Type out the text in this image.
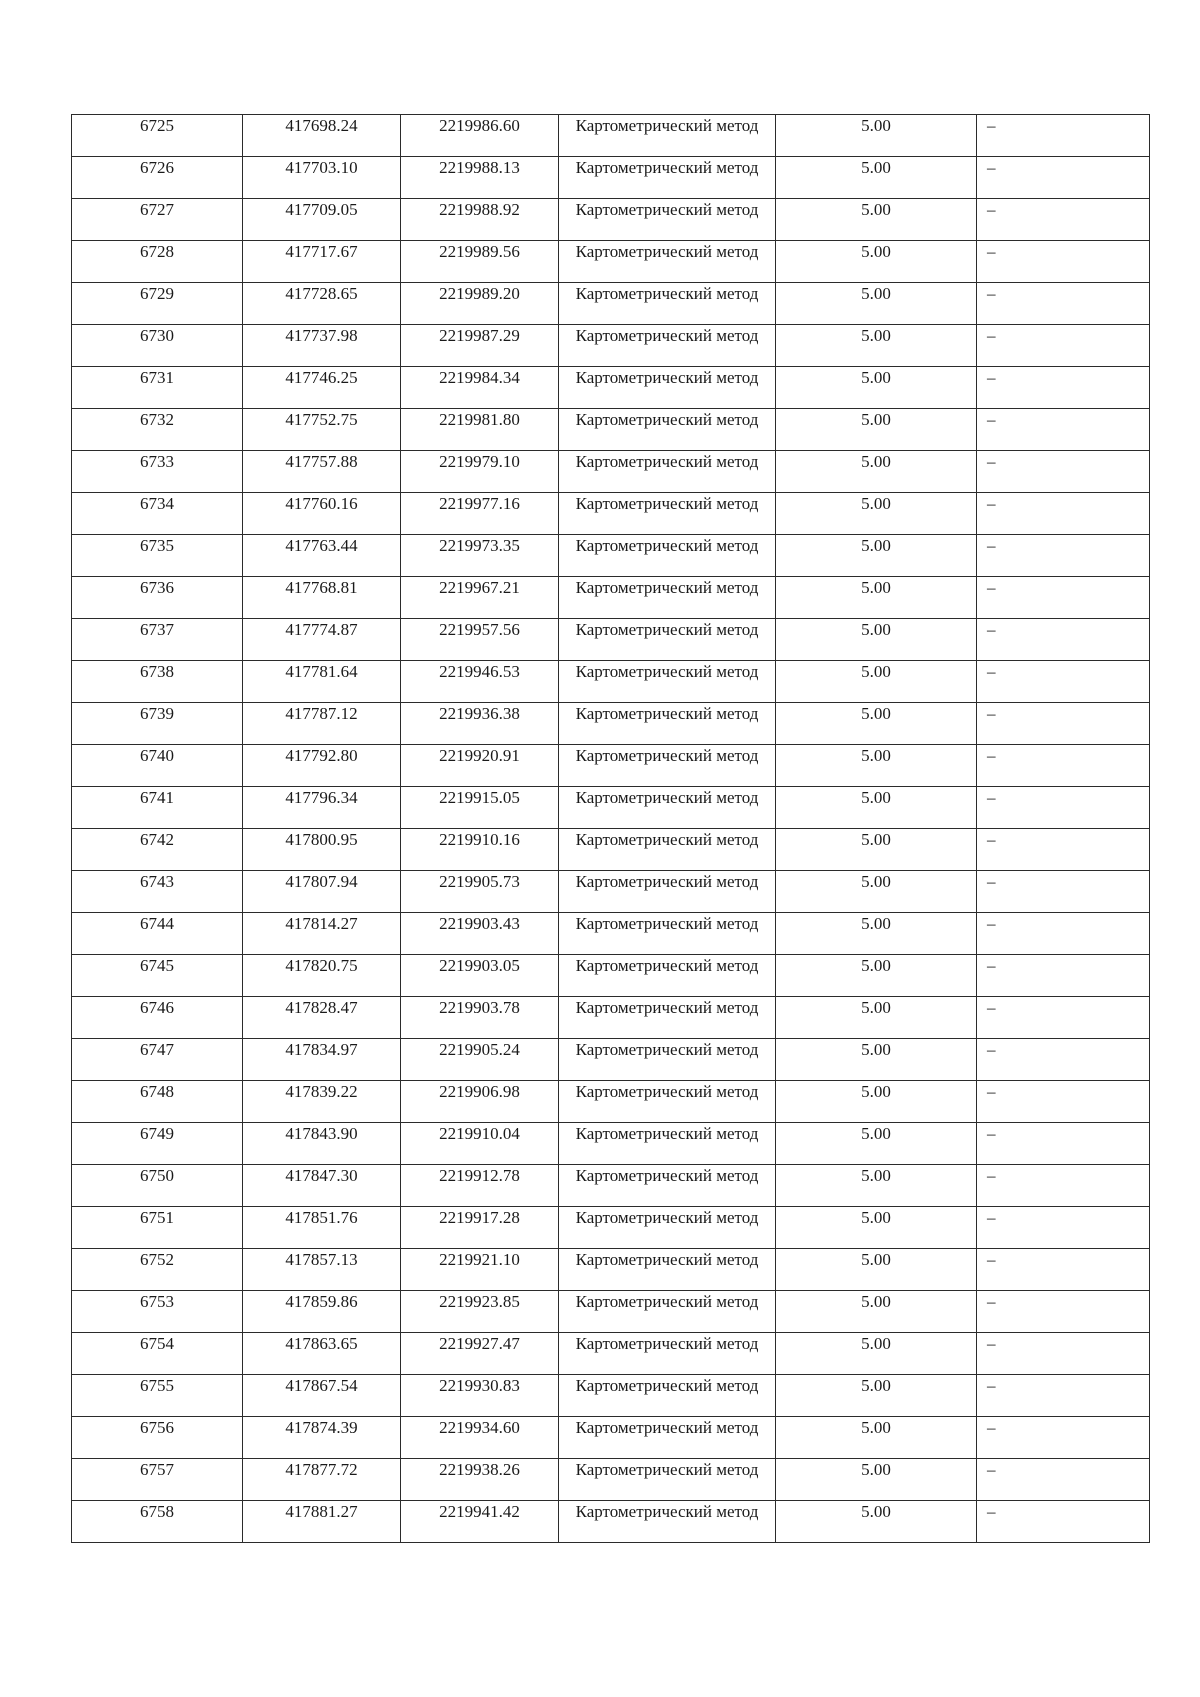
6725	417698.24	2219986.60	Картометрический метод	5.00	–
6726	417703.10	2219988.13	Картометрический метод	5.00	–
6727	417709.05	2219988.92	Картометрический метод	5.00	–
6728	417717.67	2219989.56	Картометрический метод	5.00	–
6729	417728.65	2219989.20	Картометрический метод	5.00	–
6730	417737.98	2219987.29	Картометрический метод	5.00	–
6731	417746.25	2219984.34	Картометрический метод	5.00	–
6732	417752.75	2219981.80	Картометрический метод	5.00	–
6733	417757.88	2219979.10	Картометрический метод	5.00	–
6734	417760.16	2219977.16	Картометрический метод	5.00	–
6735	417763.44	2219973.35	Картометрический метод	5.00	–
6736	417768.81	2219967.21	Картометрический метод	5.00	–
6737	417774.87	2219957.56	Картометрический метод	5.00	–
6738	417781.64	2219946.53	Картометрический метод	5.00	–
6739	417787.12	2219936.38	Картометрический метод	5.00	–
6740	417792.80	2219920.91	Картометрический метод	5.00	–
6741	417796.34	2219915.05	Картометрический метод	5.00	–
6742	417800.95	2219910.16	Картометрический метод	5.00	–
6743	417807.94	2219905.73	Картометрический метод	5.00	–
6744	417814.27	2219903.43	Картометрический метод	5.00	–
6745	417820.75	2219903.05	Картометрический метод	5.00	–
6746	417828.47	2219903.78	Картометрический метод	5.00	–
6747	417834.97	2219905.24	Картометрический метод	5.00	–
6748	417839.22	2219906.98	Картометрический метод	5.00	–
6749	417843.90	2219910.04	Картометрический метод	5.00	–
6750	417847.30	2219912.78	Картометрический метод	5.00	–
6751	417851.76	2219917.28	Картометрический метод	5.00	–
6752	417857.13	2219921.10	Картометрический метод	5.00	–
6753	417859.86	2219923.85	Картометрический метод	5.00	–
6754	417863.65	2219927.47	Картометрический метод	5.00	–
6755	417867.54	2219930.83	Картометрический метод	5.00	–
6756	417874.39	2219934.60	Картометрический метод	5.00	–
6757	417877.72	2219938.26	Картометрический метод	5.00	–
6758	417881.27	2219941.42	Картометрический метод	5.00	–
